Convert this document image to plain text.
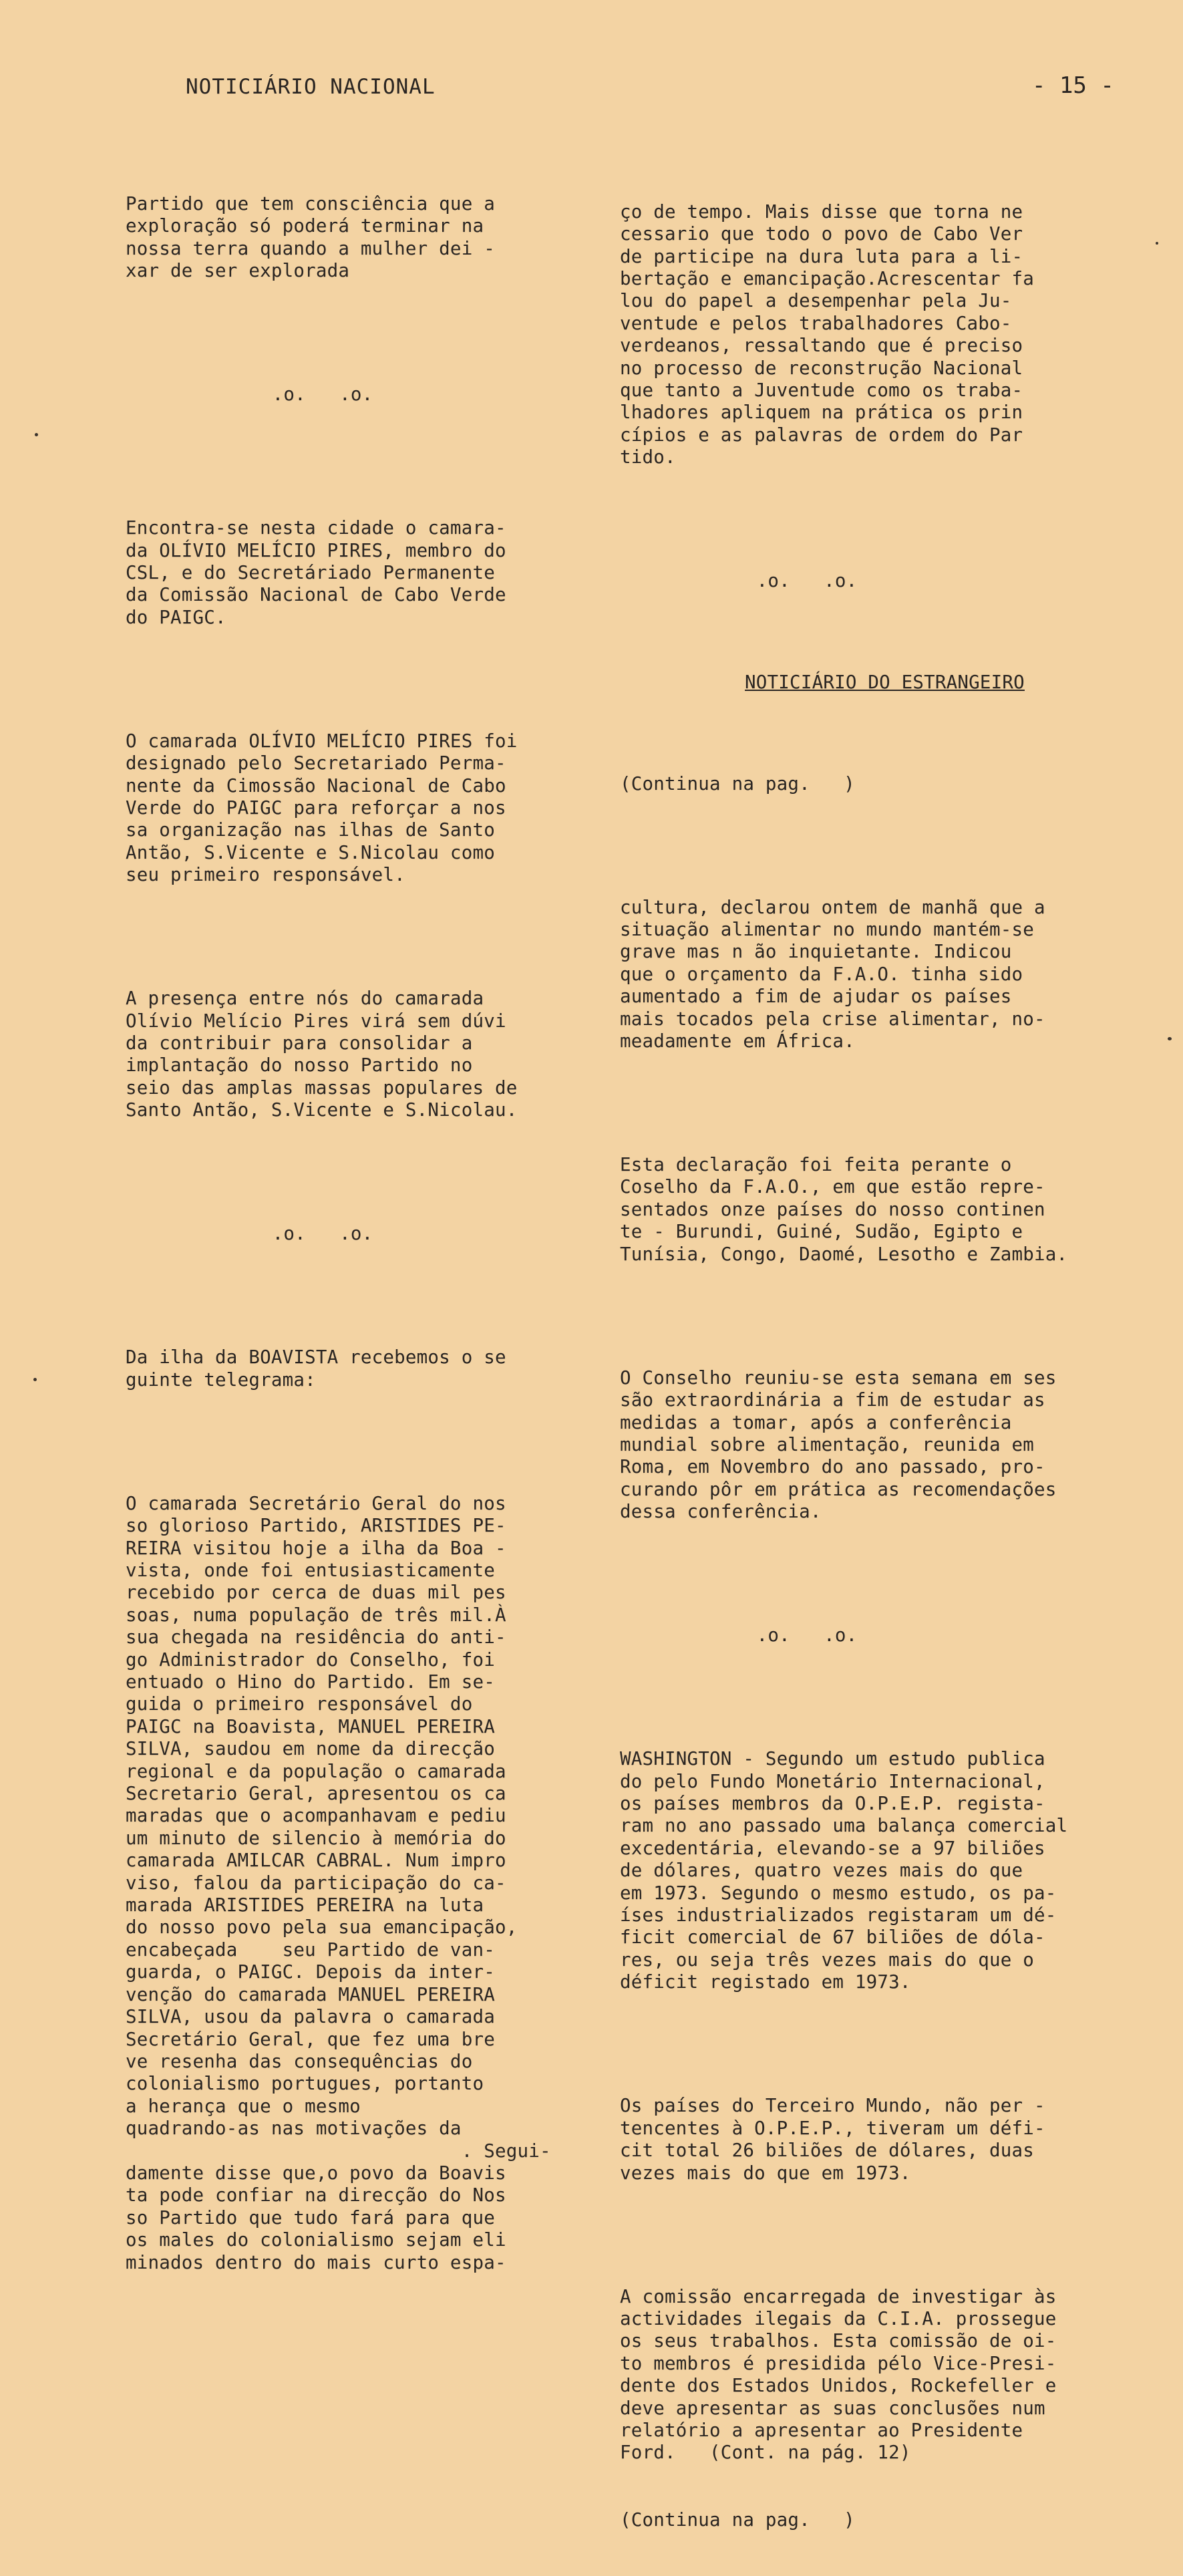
NOTICIÁRIO NACIONAL	- 15 -

Partido que tem consciência que a

exploração só poderá terminar na

nossa terra quando a mulher dei -

xar de ser explorada

.o.   .o.

Encontra-se nesta cidade o camara-

da OLÍVIO MELÍCIO PIRES, membro do

CSL, e do Secretáriado Permanente

da Comissão Nacional de Cabo Verde

do PAIGC.

O camarada OLÍVIO MELÍCIO PIRES foi

designado pelo Secretariado Perma-

nente da Cimossão Nacional de Cabo

Verde do PAIGC para reforçar a nos

sa organização nas ilhas de Santo

Antão, S.Vicente e S.Nicolau como

seu primeiro responsável.

A presença entre nós do camarada

Olívio Melício Pires virá sem dúvi

da contribuir para consolidar a

implantação do nosso Partido no

seio das amplas massas populares de

Santo Antão, S.Vicente e S.Nicolau.

.o.   .o.

Da ilha da BOAVISTA recebemos o se

guinte telegrama:

O camarada Secretário Geral do nos

so glorioso Partido, ARISTIDES PE-

REIRA visitou hoje a ilha da Boa -

vista, onde foi entusiasticamente

recebido por cerca de duas mil pes

soas, numa população de três mil.À

sua chegada na residência do anti-

go Administrador do Conselho, foi

entuado o Hino do Partido. Em se-

guida o primeiro responsável do

PAIGC na Boavista, MANUEL PEREIRA

SILVA, saudou em nome da direcção

regional e da população o camarada

Secretario Geral, apresentou os ca

maradas que o acompanhavam e pediu

um minuto de silencio à memória do

camarada AMILCAR CABRAL. Num impro

viso, falou da participação do ca-

marada ARISTIDES PEREIRA na luta

do nosso povo pela sua emancipação,

encabeçada    seu Partido de van-

guarda, o PAIGC. Depois da inter-

venção do camarada MANUEL PEREIRA

SILVA, usou da palavra o camarada

Secretário Geral, que fez uma bre

ve resenha das consequências do

colonialismo portugues, portanto

a herança que o mesmo

quadrando-as nas motivações da

. Segui-

damente disse que,o povo da Boavis

ta pode confiar na direcção do Nos

so Partido que tudo fará para que

os males do colonialismo sejam eli

minados dentro do mais curto espa-

ço de tempo. Mais disse que torna ne

cessario que todo o povo de Cabo Ver

de participe na dura luta para a li-

bertação e emancipação.Acrescentar fa

lou do papel a desempenhar pela Ju-

ventude e pelos trabalhadores Cabo-

verdeanos, ressaltando que é preciso

no processo de reconstrução Nacional

que tanto a Juventude como os traba-

lhadores apliquem na prática os prin

cípios e as palavras de ordem do Par

tido.

.o.   .o.

NOTICIÁRIO DO ESTRANGEIRO

(Continua na pag.   )

cultura, declarou ontem de manhã que a

situação alimentar no mundo mantém-se

grave mas n ão inquietante. Indicou

que o orçamento da F.A.O. tinha sido

aumentado a fim de ajudar os países

mais tocados pela crise alimentar, no-

meadamente em África.

Esta declaração foi feita perante o

Coselho da F.A.O., em que estão repre-

sentados onze países do nosso continen

te - Burundi, Guiné, Sudão, Egipto e

Tunísia, Congo, Daomé, Lesotho e Zambia.

O Conselho reuniu-se esta semana em ses

são extraordinária a fim de estudar as

medidas a tomar, após a conferência

mundial sobre alimentação, reunida em

Roma, em Novembro do ano passado, pro-

curando pôr em prática as recomendações

dessa conferência.

.o.   .o.

WASHINGTON - Segundo um estudo publica

do pelo Fundo Monetário Internacional,

os países membros da O.P.E.P. regista-

ram no ano passado uma balança comercial

excedentária, elevando-se a 97 biliões

de dólares, quatro vezes mais do que

em 1973. Segundo o mesmo estudo, os pa-

íses industrializados registaram um dé-

ficit comercial de 67 biliões de dóla-

res, ou seja três vezes mais do que o

déficit registado em 1973.

Os países do Terceiro Mundo, não per -

tencentes à O.P.E.P., tiveram um défi-

cit total 26 biliões de dólares, duas

vezes mais do que em 1973.

A comissão encarregada de investigar às

actividades ilegais da C.I.A. prossegue

os seus trabalhos. Esta comissão de oi-

to membros é presidida pélo Vice-Presi-

dente dos Estados Unidos, Rockefeller e

deve apresentar as suas conclusões num

relatório a apresentar ao Presidente

Ford.   (Cont. na pág. 12)

(Continua na pag.   )
